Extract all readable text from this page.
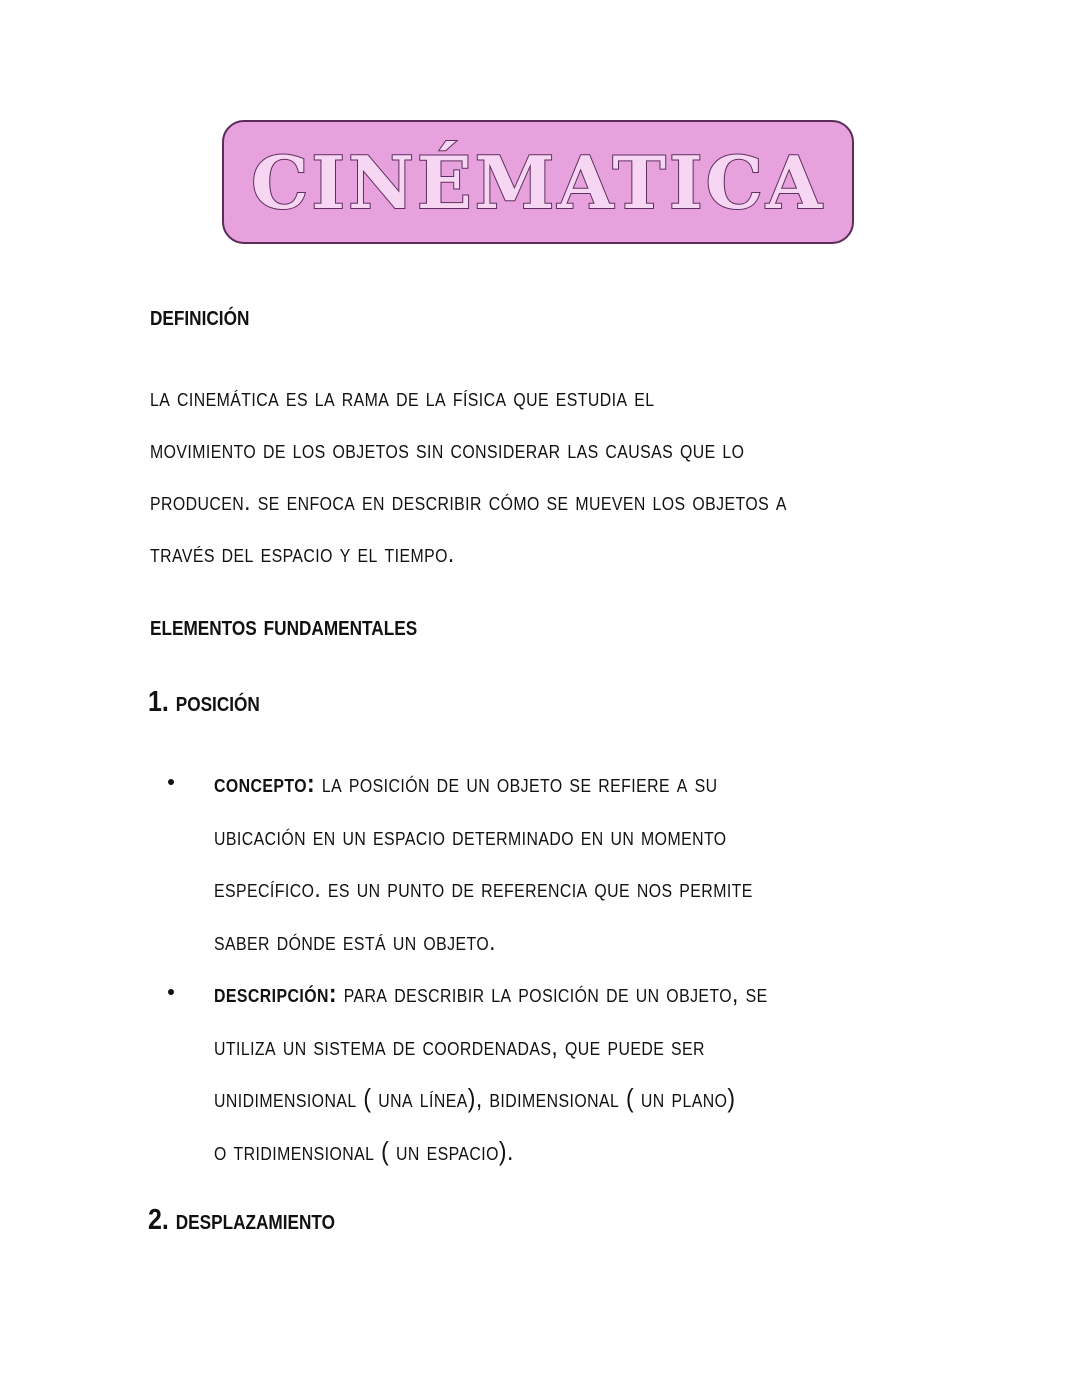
CINÉMATICA
definición
la cinemática es la rama de la física que estudia el
movimiento de los objetos sin considerar las causas que lo
producen. se enfoca en describir cómo se mueven los objetos a
través del espacio y el tiempo.
elementos fundamentales
1. posición
concepto: la posición de un objeto se refiere a su
ubicación en un espacio determinado en un momento
específico. es un punto de referencia que nos permite
saber dónde está un objeto.
descripción: para describir la posición de un objeto, se
utiliza un sistema de coordenadas, que puede ser
unidimensional ( una línea), bidimensional ( un plano)
o tridimensional ( un espacio).
2. desplazamiento
